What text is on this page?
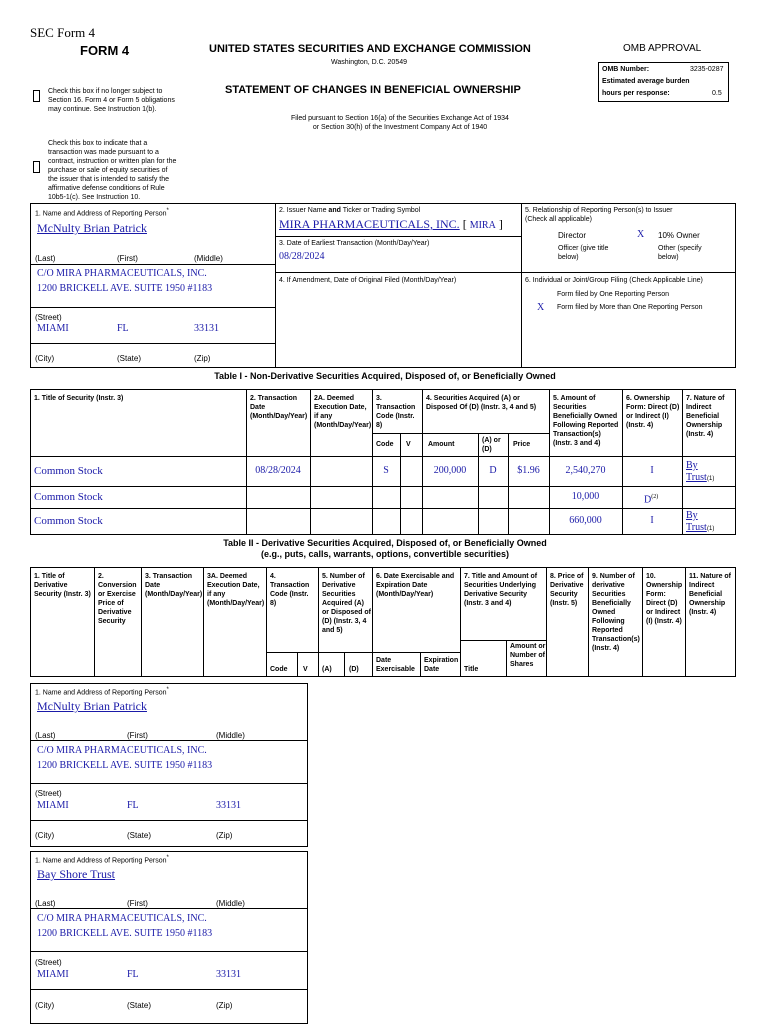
SEC Form 4
FORM 4	UNITED STATES SECURITIES AND EXCHANGE COMMISSION
Washington, D.C. 20549
STATEMENT OF CHANGES IN BENEFICIAL OWNERSHIP
Check this box if no longer subject to Section 16. Form 4 or Form 5 obligations may continue. See Instruction 1(b).
Filed pursuant to Section 16(a) of the Securities Exchange Act of 1934
or Section 30(h) of the Investment Company Act of 1940
Check this box to indicate that a transaction was made pursuant to a contract, instruction or written plan for the purchase or sale of equity securities of the issuer that is intended to satisfy the affirmative defense conditions of Rule 10b5-1(c). See Instruction 10.
OMB APPROVAL
OMB Number:	3235-0287
Estimated average burden
hours per response:	0.5
1. Name and Address of Reporting Person*
McNulty Brian Patrick
(Last)	(First)	(Middle)
C/O MIRA PHARMACEUTICALS, INC.
1200 BRICKELL AVE. SUITE 1950 #1183
(Street)
MIAMI	FL	33131
(City)	(State)	(Zip)
2. Issuer Name and Ticker or Trading Symbol
MIRA PHARMACEUTICALS, INC. [ MIRA ]
3. Date of Earliest Transaction (Month/Day/Year)
08/28/2024
4. If Amendment, Date of Original Filed (Month/Day/Year)
5. Relationship of Reporting Person(s) to Issuer
(Check all applicable)
Director	X 10% Owner
Officer (give title below)
Other (specify below)
6. Individual or Joint/Group Filing (Check Applicable Line)
Form filed by One Reporting Person
X Form filed by More than One Reporting Person
Table I - Non-Derivative Securities Acquired, Disposed of, or Beneficially Owned
1. Title of Security (Instr. 3)	2. Transaction Date (Month/Day/Year)
2A. Deemed Execution Date, if any (Month/Day/Year)
3. Transaction Code (Instr. 8)
4. Securities Acquired (A) or Disposed Of (D) (Instr. 3, 4 and 5)
5. Amount of Securities Beneficially Owned Following Reported Transaction(s) (Instr. 3 and 4)
6. Ownership Form: Direct (D) or Indirect (I) (Instr. 4)
7. Nature of Indirect Beneficial Ownership (Instr. 4)
Code V Amount
(A) or (D)
Price
Common Stock	08/28/2024	S	200,000	D	$1.96	2,540,270	I	By Trust (1)
Common Stock	10,000	$D^{(2)}$
Common Stock	660,000	I	By Trust (1)
Table II - Derivative Securities Acquired, Disposed of, or Beneficially Owned
(e.g., puts, calls, warrants, options, convertible securities)
1. Title of Derivative Security (Instr. 3)
2. Conversion or Exercise Price of Derivative Security
3. Transaction Date (Month/Day/Year)
3A. Deemed Execution Date, if any (Month/Day/Year)
4. Transaction Code (Instr. 8)
5. Number of Derivative Securities Acquired (A) or Disposed of (D) (Instr. 3, 4 and 5)
6. Date Exercisable and Expiration Date (Month/Day/Year)
7. Title and Amount of Securities Underlying Derivative Security (Instr. 3 and 4)
8. Price of Derivative Security (Instr. 5)
9. Number of derivative Securities Beneficially Owned Following Reported Transaction(s) (Instr. 4)
10. Ownership Form: Direct (D) or Indirect (I) (Instr. 4)
11. Nature of Indirect Beneficial Ownership (Instr. 4)
Code V (A) (D)
Date Exercisable
Expiration Date	Title
Amount or Number of Shares
1. Name and Address of Reporting Person*
McNulty Brian Patrick
(Last)	(First)	(Middle)
C/O MIRA PHARMACEUTICALS, INC.
1200 BRICKELL AVE. SUITE 1950 #1183
(Street)
MIAMI	FL	33131
(City)	(State)	(Zip)
1. Name and Address of Reporting Person*
Bay Shore Trust
(Last)	(First)	(Middle)
C/O MIRA PHARMACEUTICALS, INC.
1200 BRICKELL AVE. SUITE 1950 #1183
(Street)
MIAMI	FL	33131
(City)	(State)	(Zip)
